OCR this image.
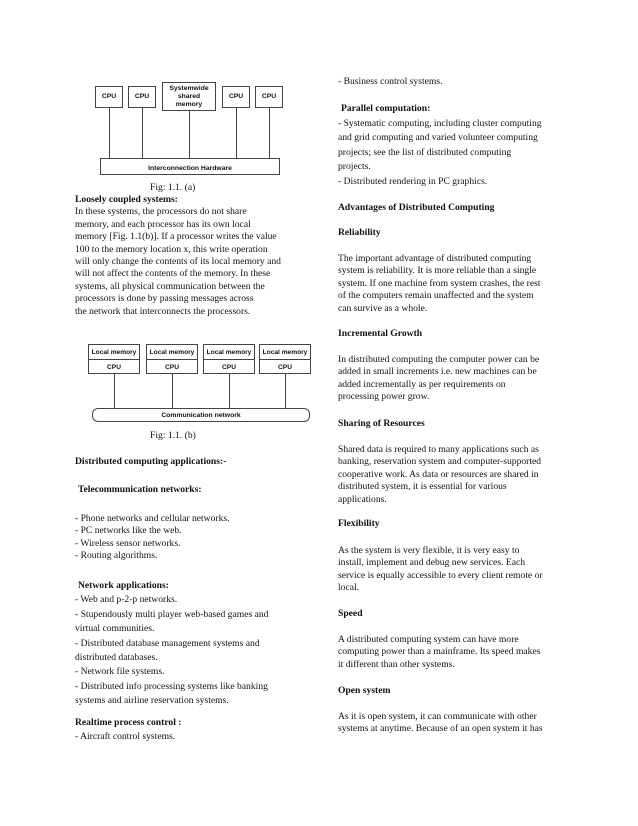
CPU	CPU
Systemwide shared memory
CPU	CPU
Interconnection Hardware
Fig: 1.1. (a)

Loosely coupled systems:

In these systems, the processors do not share

memory, and each processor has its own local

memory [Fig. 1.1(b)]. If a processor writes the value

100 to the memory location x, this write operation

will only change the contents of its local memory and

will not affect the contents of the memory. In these

systems, all physical communication between the

processors is done by passing messages across

the network that interconnects the processors.

Local memory
CPU
Local memory
CPU
Local memory
CPU
Local memory
CPU
Communication network
Fig: 1.1. (b)

Distributed computing applications:-

Telecommunication networks:

- Phone networks and cellular networks.

- PC networks like the web.

- Wireless sensor networks.

- Routing algorithms.

Network applications:

- Web and p-2-p networks.

- Stupendously multi player web-based games and

virtual communities.

- Distributed database management systems and

distributed databases.

- Network file systems.

- Distributed info processing systems like banking

systems and airline reservation systems.

Realtime process control :

- Aircraft control systems.

- Business control systems.

Parallel computation:

- Systematic computing, including cluster computing

and grid computing and varied volunteer computing

projects; see the list of distributed computing

projects.

- Distributed rendering in PC graphics.

Advantages of Distributed Computing

Reliability

The important advantage of distributed computing

system is reliability. It is more reliable than a single

system. If one machine from system crashes, the rest

of the computers remain unaffected and the system

can survive as a whole.

Incremental Growth

In distributed computing the computer power can be

added in small increments i.e. new machines can be

added incrementally as per requirements on

processing power grow.

Sharing of Resources

Shared data is required to many applications such as

banking, reservation system and computer-supported

cooperative work. As data or resources are shared in

distributed system, it is essential for various

applications.

Flexibility

As the system is very flexible, it is very easy to

install, implement and debug new services. Each

service is equally accessible to every client remote or

local.

Speed

A distributed computing system can have more

computing power than a mainframe. Its speed makes

it different than other systems.

Open system

As it is open system, it can communicate with other

systems at anytime. Because of an open system it has
